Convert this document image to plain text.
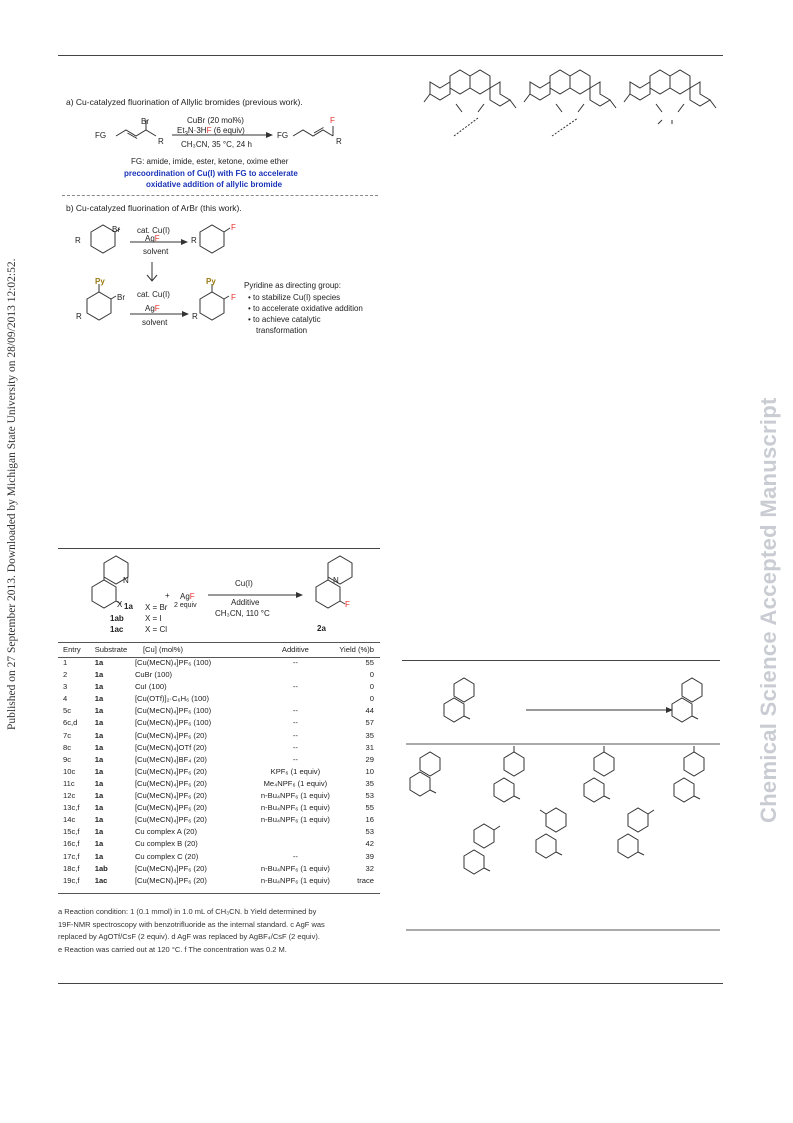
Published on 27 September 2013. Downloaded by Michigan State University on 28/09/2013 12:02:52.	Chemical Science Accepted Manuscript
a) Cu-catalyzed fluorination of Allylic bromides (previous work).
FG
Br
R
CuBr (20 mol%)
$Et_3N\cdot 3HF$ (6 equiv)
CH₃CN, 35 °C, 24 h
FG
F
R
FG: amide, imide, ester, ketone, oxime ether
precoordination of Cu(I) with FG to accelerate
oxidative addition of allylic bromide
b) Cu-catalyzed fluorination of ArBr (this work).
R
Br cat. Cu(I)
AgF
solvent
R
F
Py
Br
R
cat. Cu(I)
AgF
solvent
Py
R
F
Pyridine as directing group:
• to stabilize Cu(I) species
• to accelerate oxidative addition
• to achieve catalytic
transformation
N
X 1a X = Br
1ab	X = I
1ac	X = Cl
+ AgF
2 equiv
Cu(I)
Additive
CH₃CN, 110 °C
N
F
2a
Entry	Substrate	[Cu] (mol%)	Additive	Yield (%)b
1	1a	[Cu(MeCN)₄]PF₆ (100)	--	55
2	1a	CuBr (100)		0
3	1a	CuI (100)	--	0
4	1a	[Cu(OTf)]₂·C₆H₆ (100)		0
5c	1a	[Cu(MeCN)₄]PF₆ (100)	--	44
6c,d	1a	[Cu(MeCN)₄]PF₆ (100)	--	57
7c	1a	[Cu(MeCN)₄]PF₆ (20)	--	35
8c	1a	[Cu(MeCN)₄]OTf (20)	--	31
9c	1a	[Cu(MeCN)₄]BF₄ (20)	--	29
10c	1a	[Cu(MeCN)₄]PF₆ (20)	KPF₆ (1 equiv)	10
11c	1a	[Cu(MeCN)₄]PF₆ (20)	Me₄NPF₆ (1 equiv)	35
12c	1a	[Cu(MeCN)₄]PF₆ (20)	n-Bu₄NPF₆ (1 equiv)	53
13c,f	1a	[Cu(MeCN)₄]PF₆ (20)	n-Bu₄NPF₆ (1 equiv)	55
14c	1a	[Cu(MeCN)₄]PF₆ (20)	n-Bu₄NPF₆ (1 equiv)	16
15c,f	1a	Cu complex A (20)		53
16c,f	1a	Cu complex B (20)		42
17c,f	1a	Cu complex C (20)	--	39
18c,f	1ab	[Cu(MeCN)₄]PF₆ (20)	n-Bu₄NPF₆ (1 equiv)	32
19c,f	1ac	[Cu(MeCN)₄]PF₆ (20)	n-Bu₄NPF₆ (1 equiv)	trace
a Reaction condition: 1 (0.1 mmol) in 1.0 mL of CH₃CN. b Yield determined by
19F-NMR spectroscopy with benzotrifluoride as the internal standard. c AgF was
replaced by AgOTf/CsF (2 equiv). d AgF was replaced by AgBF₄/CsF (2 equiv).
e Reaction was carried out at 120 °C. f The concentration was 0.2 M.
